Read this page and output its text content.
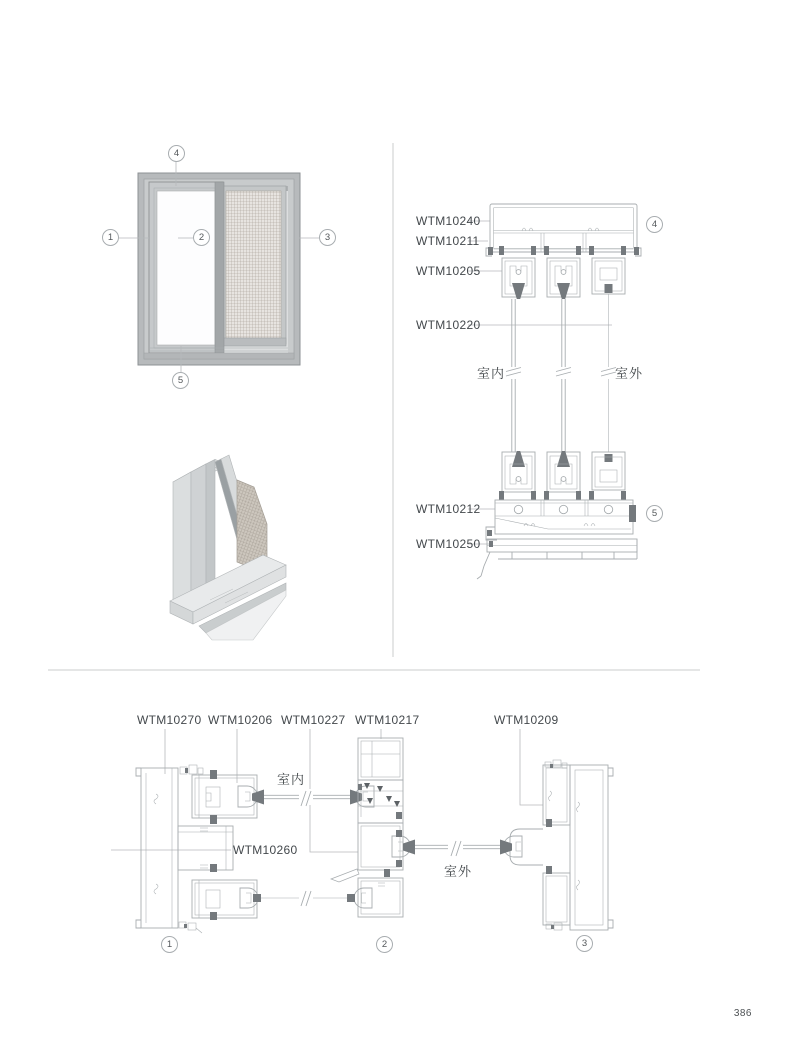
WTM10240
WTM10211
WTM10205
WTM10220
WTM10212
WTM10250
室内	室外
WTM10270 WTM10206 WTM10227 WTM10217	WTM10209
WTM10260
室内
室外
4
1	2	3
5
4
5
1	2	3
386
